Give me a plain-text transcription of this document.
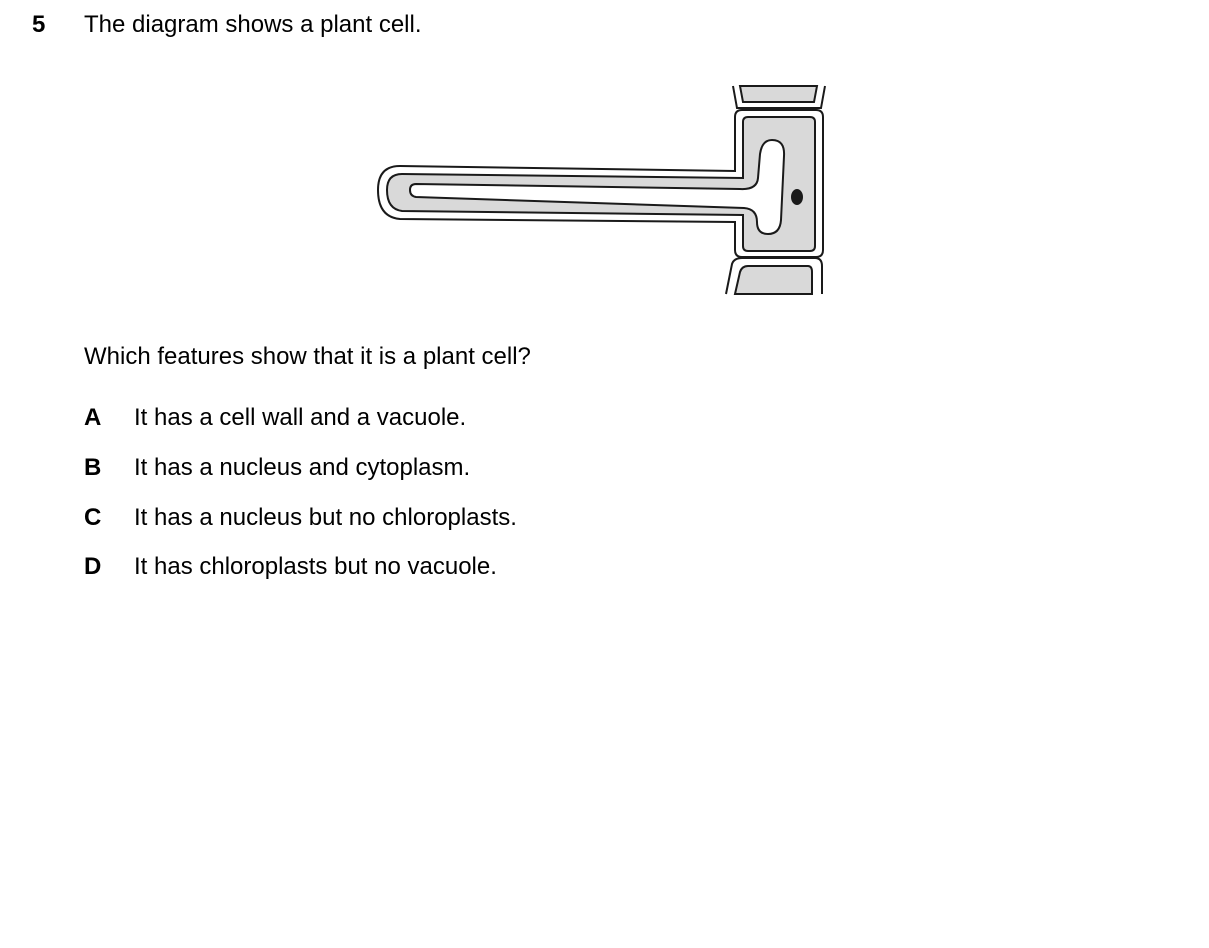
5 The diagram shows a plant cell.
Which features show that it is a plant cell?
A It has a cell wall and a vacuole.
B It has a nucleus and cytoplasm.
C It has a nucleus but no chloroplasts.
D It has chloroplasts but no vacuole.
